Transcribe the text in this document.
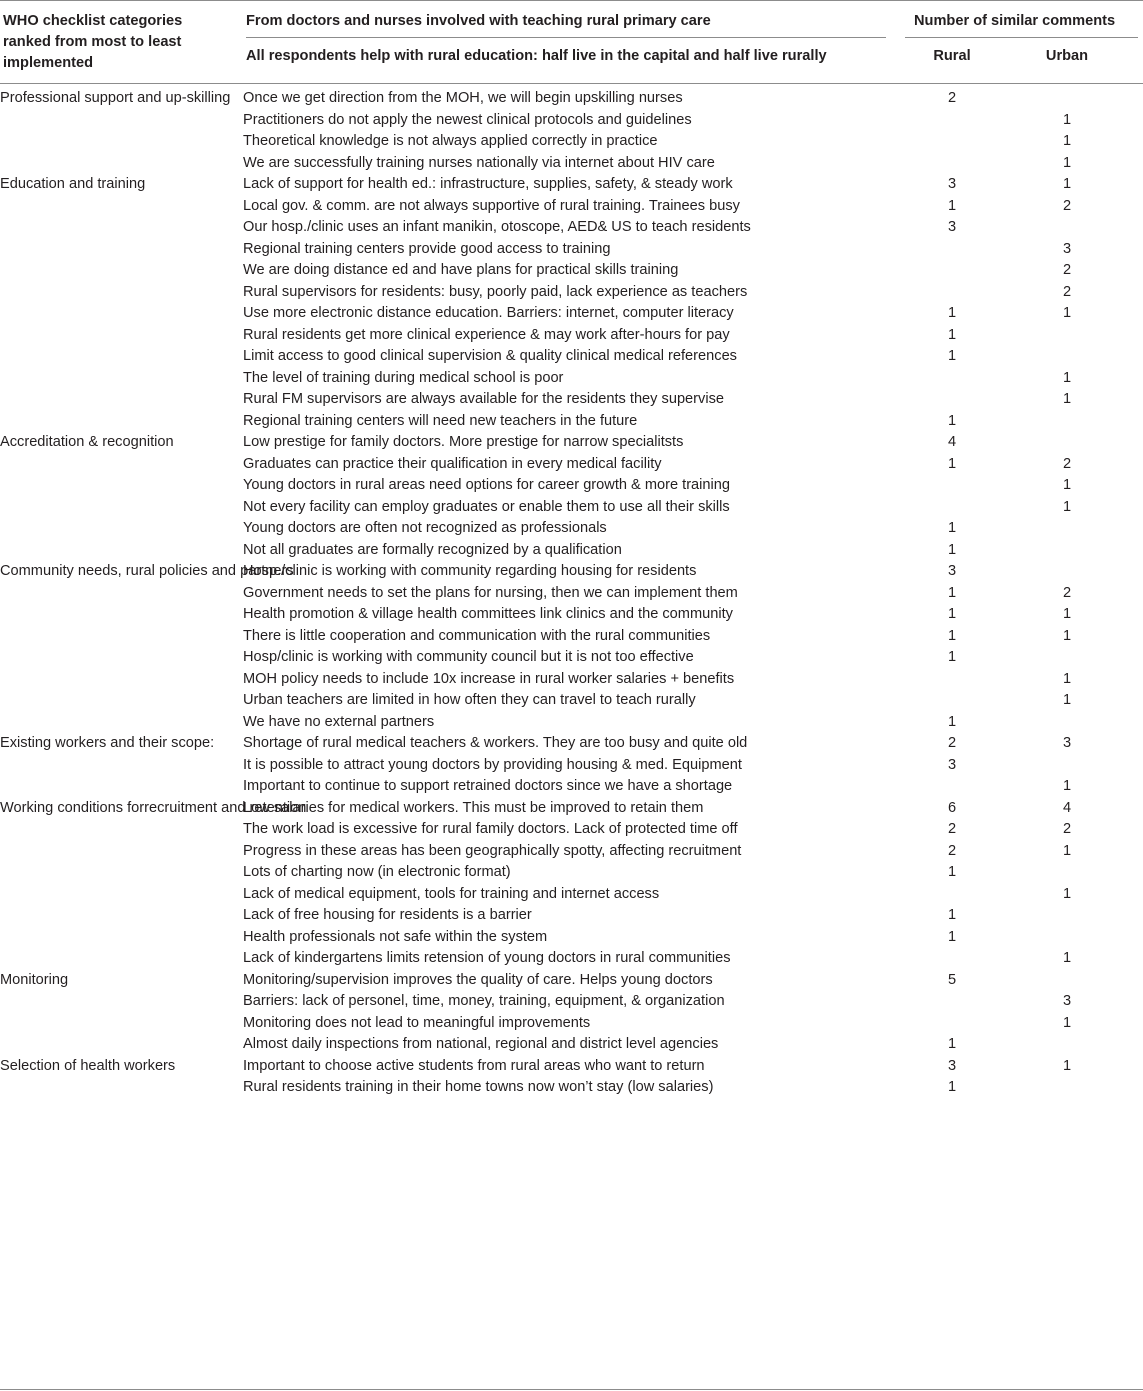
WHO checklist categories
ranked from most to least
implemented
From doctors and nurses involved with teaching rural primary care
All respondents help with rural education: half live in the capital and half live rurally
Number of similar comments
Rural	Urban
Professional support and up-skilling	Once we get direction from the MOH, we will begin upskilling nurses	2			
	Practitioners do not apply the newest clinical protocols and guidelines			1	
	Theoretical knowledge is not always applied correctly in practice			1	
	We are successfully training nurses nationally via internet about HIV care			1	
Education and training	Lack of support for health ed.: infrastructure, supplies, safety, & steady work	3		1	
	Local gov. & comm. are not always supportive of rural training. Trainees busy	1		2	
	Our hosp./clinic uses an infant manikin, otoscope, AED& US to teach residents	3			
	Regional training centers provide good access to training			3	
	We are doing distance ed and have plans for practical skills training			2	
	Rural supervisors for residents: busy, poorly paid, lack experience as teachers			2	
	Use more electronic distance education. Barriers: internet, computer literacy	1		1	
	Rural residents get more clinical experience & may work after-hours for pay	1			
	Limit access to good clinical supervision & quality clinical medical references	1			
	The level of training during medical school is poor			1	
	Rural FM supervisors are always available for the residents they supervise			1	
	Regional training centers will need new teachers in the future	1			
Accreditation & recognition	Low prestige for family doctors. More prestige for narrow specialitsts	4			
	Graduates can practice their qualification in every medical facility	1		2	
	Young doctors in rural areas need options for career growth & more training			1	
	Not every facility can employ graduates or enable them to use all their skills			1	
	Young doctors are often not recognized as professionals	1			
	Not all graduates are formally recognized by a qualification	1			
Community needs, rural policies and partners	Hosp./clinic is working with community regarding housing for residents	3			
	Government needs to set the plans for nursing, then we can implement them	1		2	
	Health promotion & village health committees link clinics and the community	1		1	
	There is little cooperation and communication with the rural communities	1		1	
	Hosp/clinic is working with community council but it is not too effective	1			
	MOH policy needs to include 10x increase in rural worker salaries + benefits			1	
	Urban teachers are limited in how often they can travel to teach rurally			1	
	We have no external partners	1			
Existing workers and their scope:	Shortage of rural medical teachers & workers. They are too busy and quite old	2		3	
	It is possible to attract young doctors by providing housing & med. Equipment	3			
	Important to continue to support retrained doctors since we have a shortage			1	
Working conditions forrecruitment and retention	Low salaries for medical workers. This must be improved to retain them	6		4	
	The work load is excessive for rural family doctors. Lack of protected time off	2		2	
	Progress in these areas has been geographically spotty, affecting recruitment	2		1	
	Lots of charting now (in electronic format)	1			
	Lack of medical equipment, tools for training and internet access			1	
	Lack of free housing for residents is a barrier	1			
	Health professionals not safe within the system	1			
	Lack of kindergartens limits retension of young doctors in rural communities			1	
Monitoring	Monitoring/supervision improves the quality of care. Helps young doctors	5			
	Barriers: lack of personel, time, money, training, equipment, & organization			3	
	Monitoring does not lead to meaningful improvements			1	
	Almost daily inspections from national, regional and district level agencies	1			
Selection of health workers	Important to choose active students from rural areas who want to return	3		1	
	Rural residents training in their home towns now won’t stay (low salaries)	1			
